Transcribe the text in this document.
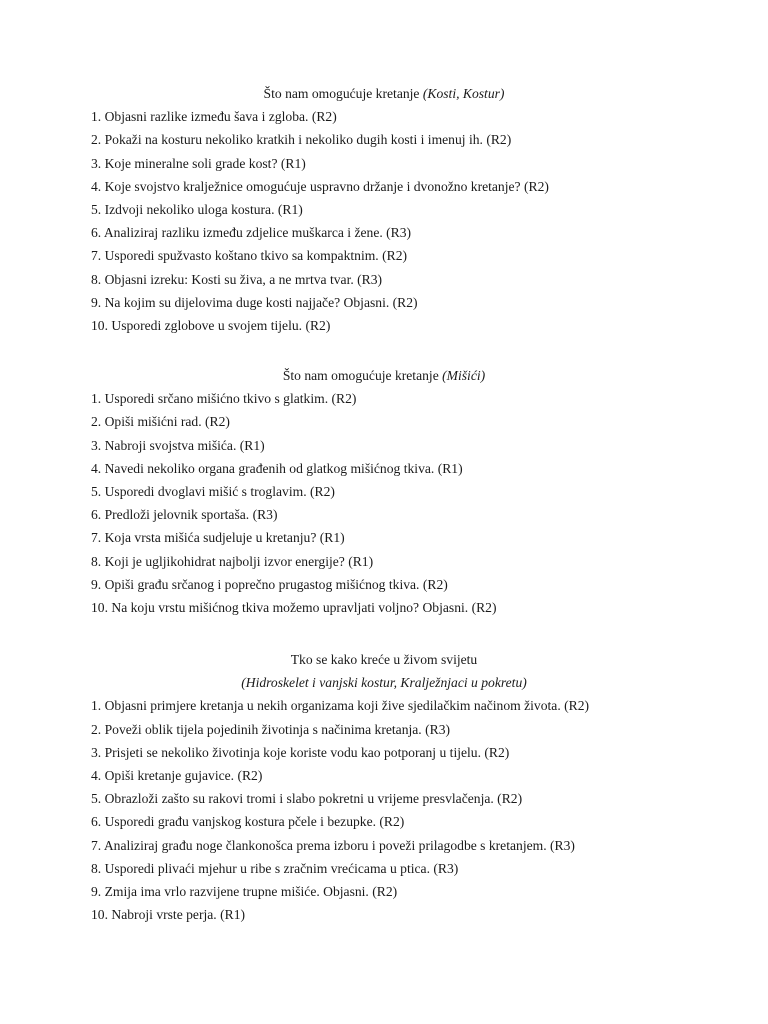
Što nam omogućuje kretanje (Kosti, Kostur)
1. Objasni razlike između šava i zgloba. (R2)
2. Pokaži na kosturu nekoliko kratkih i nekoliko dugih kosti i imenuj ih. (R2)
3. Koje mineralne soli grade kost? (R1)
4. Koje svojstvo kralježnice omogućuje uspravno držanje i dvonožno kretanje? (R2)
5. Izdvoji nekoliko uloga kostura. (R1)
6. Analiziraj razliku između zdjelice muškarca i žene. (R3)
7. Usporedi spužvasto koštano tkivo sa kompaktnim. (R2)
8. Objasni izreku: Kosti su živa, a ne mrtva tvar. (R3)
9. Na kojim su dijelovima duge kosti najjače? Objasni. (R2)
10. Usporedi zglobove u svojem tijelu. (R2)
Što nam omogućuje kretanje (Mišići)
1. Usporedi srčano mišićno tkivo s glatkim. (R2)
2. Opiši mišićni rad. (R2)
3. Nabroji svojstva mišića. (R1)
4. Navedi nekoliko organa građenih od glatkog mišićnog tkiva. (R1)
5. Usporedi dvoglavi mišić s troglavim. (R2)
6. Predloži jelovnik sportaša. (R3)
7. Koja vrsta mišića sudjeluje u kretanju? (R1)
8. Koji je ugljikohidrat najbolji izvor energije? (R1)
9. Opiši građu srčanog i poprečno prugastog mišićnog tkiva. (R2)
10. Na koju vrstu mišićnog tkiva možemo upravljati voljno? Objasni. (R2)
Tko se kako kreće u živom svijetu
(Hidroskelet i vanjski kostur, Kralježnjaci u pokretu)
1. Objasni primjere kretanja u nekih organizama koji žive sjedilačkim načinom života. (R2)
2. Poveži oblik tijela pojedinih životinja s načinima kretanja. (R3)
3. Prisjeti se nekoliko životinja koje koriste vodu kao potporanj u tijelu. (R2)
4. Opiši kretanje gujavice. (R2)
5. Obrazloži zašto su rakovi tromi i slabo pokretni u vrijeme presvlačenja. (R2)
6. Usporedi građu vanjskog kostura pčele i bezupke. (R2)
7. Analiziraj građu noge člankonošca prema izboru i poveži prilagodbe s kretanjem. (R3)
8. Usporedi plivaći mjehur u ribe s zračnim vrećicama u ptica. (R3)
9. Zmija ima vrlo razvijene trupne mišiće. Objasni. (R2)
10. Nabroji vrste perja. (R1)
